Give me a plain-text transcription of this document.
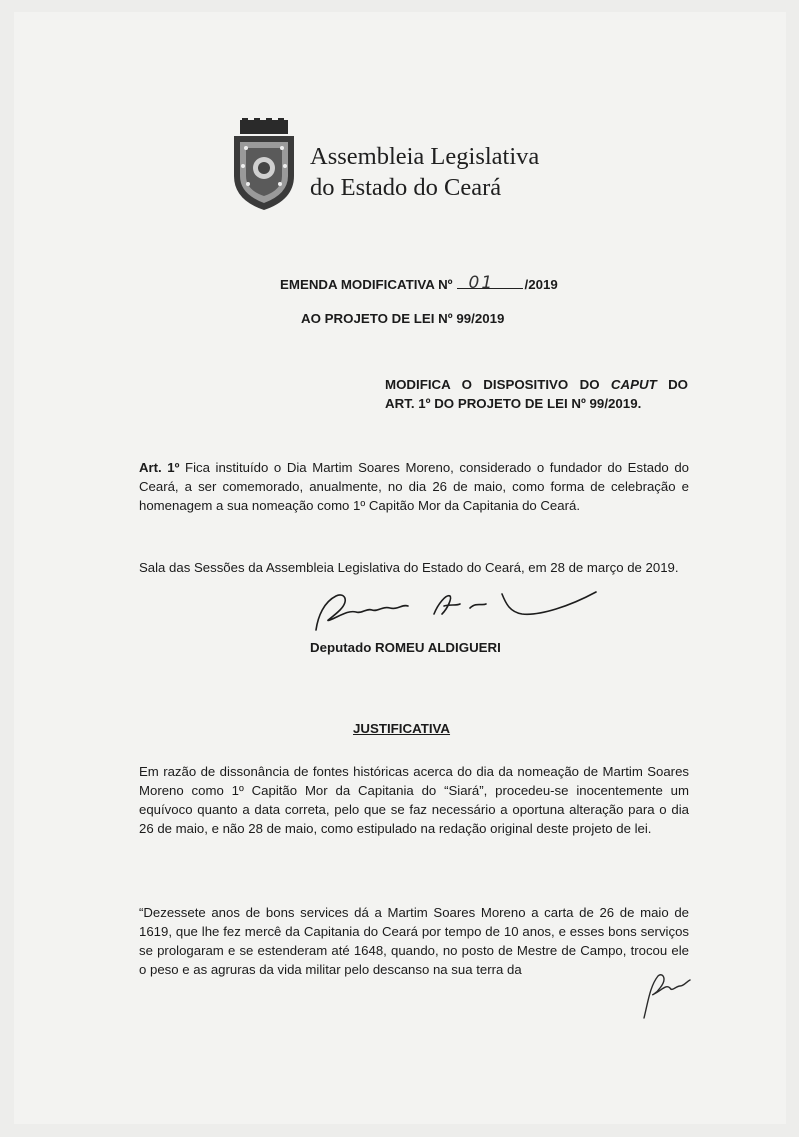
Assembleia Legislativa
do Estado do Ceará
EMENDA MODIFICATIVA Nº 01 /2019
AO PROJETO DE LEI Nº 99/2019
MODIFICA O DISPOSITIVO DO CAPUT DO
ART. 1º DO PROJETO DE LEI Nº 99/2019.
Art. 1º Fica instituído o Dia Martim Soares Moreno, considerado o fundador do Estado do Ceará, a ser comemorado, anualmente, no dia 26 de maio, como forma de celebração e homenagem a sua nomeação como 1º Capitão Mor da Capitania do Ceará.
Sala das Sessões da Assembleia Legislativa do Estado do Ceará, em 28 de março de 2019.
Deputado ROMEU ALDIGUERI
JUSTIFICATIVA
Em razão de dissonância de fontes históricas acerca do dia da nomeação de Martim Soares Moreno como 1º Capitão Mor da Capitania do “Siará”, procedeu-se inocentemente um equívoco quanto a data correta, pelo que se faz necessário a oportuna alteração para o dia 26 de maio, e não 28 de maio, como estipulado na redação original deste projeto de lei.
“Dezessete anos de bons services dá a Martim Soares Moreno a carta de 26 de maio de 1619, que lhe fez mercê da Capitania do Ceará por tempo de 10 anos, e esses bons serviços se prologaram e se estenderam até 1648, quando, no posto de Mestre de Campo, trocou ele o peso e as agruras da vida militar pelo descanso na sua terra da
